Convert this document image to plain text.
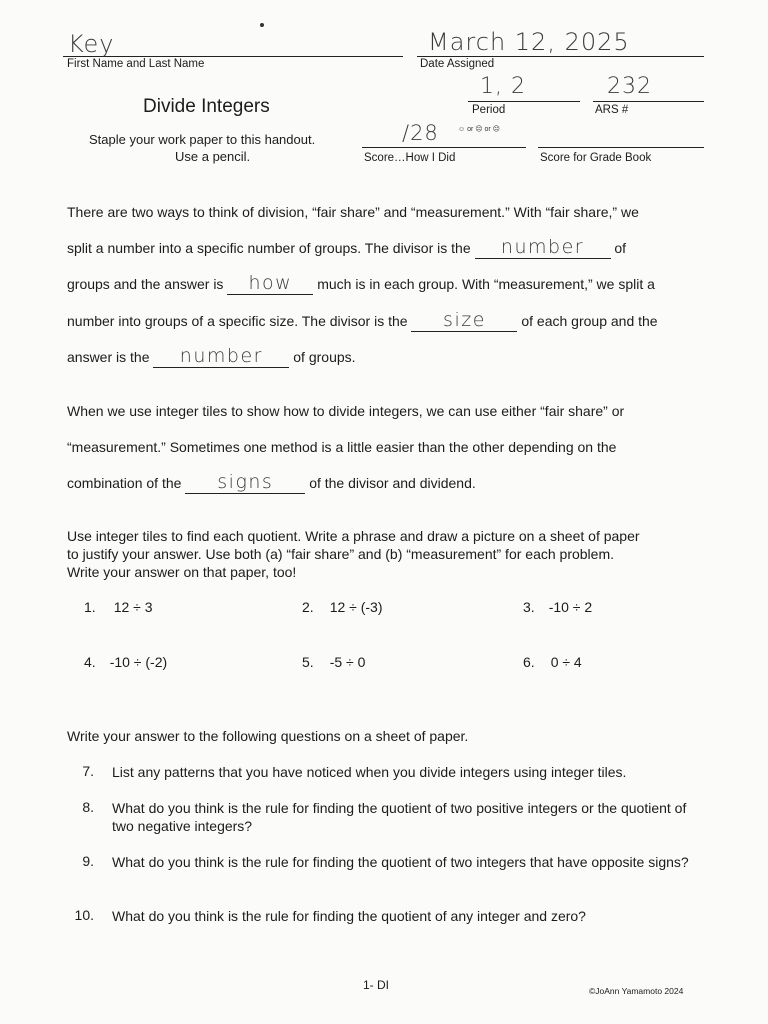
Key
First Name and Last Name
March 12, 2025
Date Assigned
1, 2
Period
232
ARS #
Divide Integers
Staple your work paper to this handout.
Use a pencil.
/28	☺ or ☹ or ☹
Score…How I Did	Score for Grade Book
There are two ways to think of division, “fair share” and “measurement.” With “fair share,” we
split a number into a specific number of groups. The divisor is the	number	of
groups and the answer is	how	much is in each group. With “measurement,” we split a
number into groups of a specific size. The divisor is the	size	of each group and the
answer is the	number	of groups.
When we use integer tiles to show how to divide integers, we can use either “fair share” or
“measurement.” Sometimes one method is a little easier than the other depending on the
combination of the	signs	of the divisor and dividend.
Use integer tiles to find each quotient. Write a phrase and draw a picture on a sheet of paper
to justify your answer. Use both (a) “fair share” and (b) “measurement” for each problem.
Write your answer on that paper, too!
1. 12 ÷ 3	2. 12 ÷ (-3)	3. -10 ÷ 2
4. -10 ÷ (-2)	5. -5 ÷ 0	6. 0 ÷ 4
Write your answer to the following questions on a sheet of paper.
7. List any patterns that you have noticed when you divide integers using integer tiles.
8. What do you think is the rule for finding the quotient of two positive integers or the quotient of two negative integers?
9. What do you think is the rule for finding the quotient of two integers that have opposite signs?
10. What do you think is the rule for finding the quotient of any integer and zero?
1- DI	©JoAnn Yamamoto 2024
